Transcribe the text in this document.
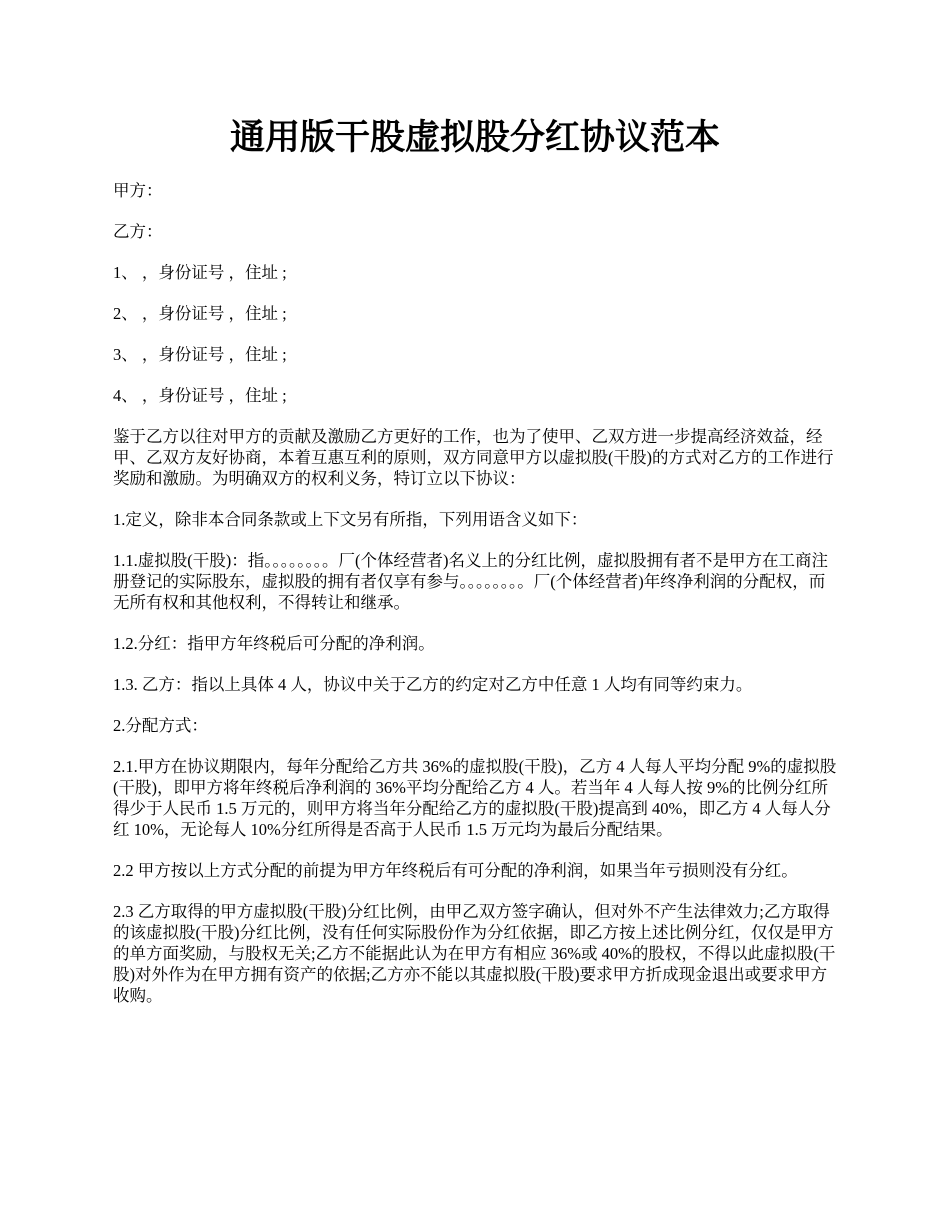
通用版干股虚拟股分红协议范本

甲方：

乙方：

1、 ，身份证号 ，住址 ;

2、 ，身份证号 ，住址 ;

3、 ，身份证号 ，住址 ;

4、 ，身份证号 ，住址 ;

鉴于乙方以往对甲方的贡献及激励乙方更好的工作，也为了使甲、乙双方进一步提高经济效益，经甲、乙双方友好协商，本着互惠互利的原则，双方同意甲方以虚拟股(干股)的方式对乙方的工作进行奖励和激励。为明确双方的权利义务，特订立以下协议：

1.定义，除非本合同条款或上下文另有所指，下列用语含义如下：

1.1.虚拟股(干股)：指。。。。。。。。厂(个体经营者)名义上的分红比例，虚拟股拥有者不是甲方在工商注册登记的实际股东，虚拟股的拥有者仅享有参与。。。。。。。。厂(个体经营者)年终净利润的分配权，而无所有权和其他权利，不得转让和继承。

1.2.分红：指甲方年终税后可分配的净利润。

1.3. 乙方：指以上具体 4 人，协议中关于乙方的约定对乙方中任意 1 人均有同等约束力。

2.分配方式：

2.1.甲方在协议期限内，每年分配给乙方共 36%的虚拟股(干股)，乙方 4 人每人平均分配 9%的虚拟股(干股)，即甲方将年终税后净利润的 36%平均分配给乙方 4 人。若当年 4 人每人按 9%的比例分红所得少于人民币 1.5 万元的，则甲方将当年分配给乙方的虚拟股(干股)提高到 40%，即乙方 4 人每人分红 10%，无论每人 10%分红所得是否高于人民币 1.5 万元均为最后分配结果。

2.2 甲方按以上方式分配的前提为甲方年终税后有可分配的净利润，如果当年亏损则没有分红。

2.3 乙方取得的甲方虚拟股(干股)分红比例，由甲乙双方签字确认，但对外不产生法律效力;乙方取得的该虚拟股(干股)分红比例，没有任何实际股份作为分红依据，即乙方按上述比例分红，仅仅是甲方的单方面奖励，与股权无关;乙方不能据此认为在甲方有相应 36%或 40%的股权，不得以此虚拟股(干股)对外作为在甲方拥有资产的依据;乙方亦不能以其虚拟股(干股)要求甲方折成现金退出或要求甲方收购。
